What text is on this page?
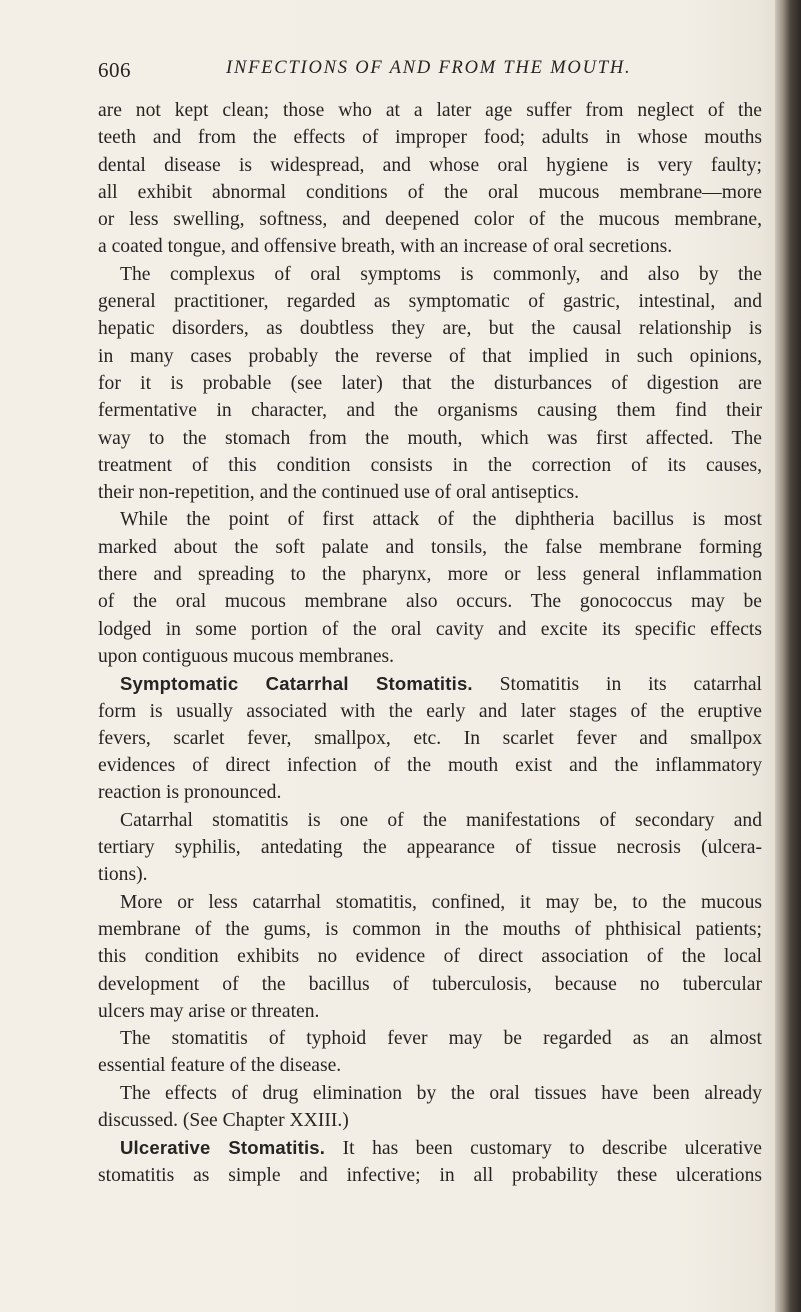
606	INFECTIONS OF AND FROM THE MOUTH.
are not kept clean; those who at a later age suffer from neglect of the
teeth and from the effects of improper food; adults in whose mouths
dental disease is widespread, and whose oral hygiene is very faulty;
all exhibit abnormal conditions of the oral mucous membrane—more
or less swelling, softness, and deepened color of the mucous membrane,
a coated tongue, and offensive breath, with an increase of oral secretions.
The complexus of oral symptoms is commonly, and also by the
general practitioner, regarded as symptomatic of gastric, intestinal, and
hepatic disorders, as doubtless they are, but the causal relationship is
in many cases probably the reverse of that implied in such opinions,
for it is probable (see later) that the disturbances of digestion are
fermentative in character, and the organisms causing them find their
way to the stomach from the mouth, which was first affected. The
treatment of this condition consists in the correction of its causes,
their non-repetition, and the continued use of oral antiseptics.
While the point of first attack of the diphtheria bacillus is most
marked about the soft palate and tonsils, the false membrane forming
there and spreading to the pharynx, more or less general inflammation
of the oral mucous membrane also occurs. The gonococcus may be
lodged in some portion of the oral cavity and excite its specific effects
upon contiguous mucous membranes.
Symptomatic Catarrhal Stomatitis. Stomatitis in its catarrhal
form is usually associated with the early and later stages of the eruptive
fevers, scarlet fever, smallpox, etc. In scarlet fever and smallpox
evidences of direct infection of the mouth exist and the inflammatory
reaction is pronounced.
Catarrhal stomatitis is one of the manifestations of secondary and
tertiary syphilis, antedating the appearance of tissue necrosis (ulcera-
tions).
More or less catarrhal stomatitis, confined, it may be, to the mucous
membrane of the gums, is common in the mouths of phthisical patients;
this condition exhibits no evidence of direct association of the local
development of the bacillus of tuberculosis, because no tubercular
ulcers may arise or threaten.
The stomatitis of typhoid fever may be regarded as an almost
essential feature of the disease.
The effects of drug elimination by the oral tissues have been already
discussed. (See Chapter XXIII.)
Ulcerative Stomatitis. It has been customary to describe ulcerative
stomatitis as simple and infective; in all probability these ulcerations
